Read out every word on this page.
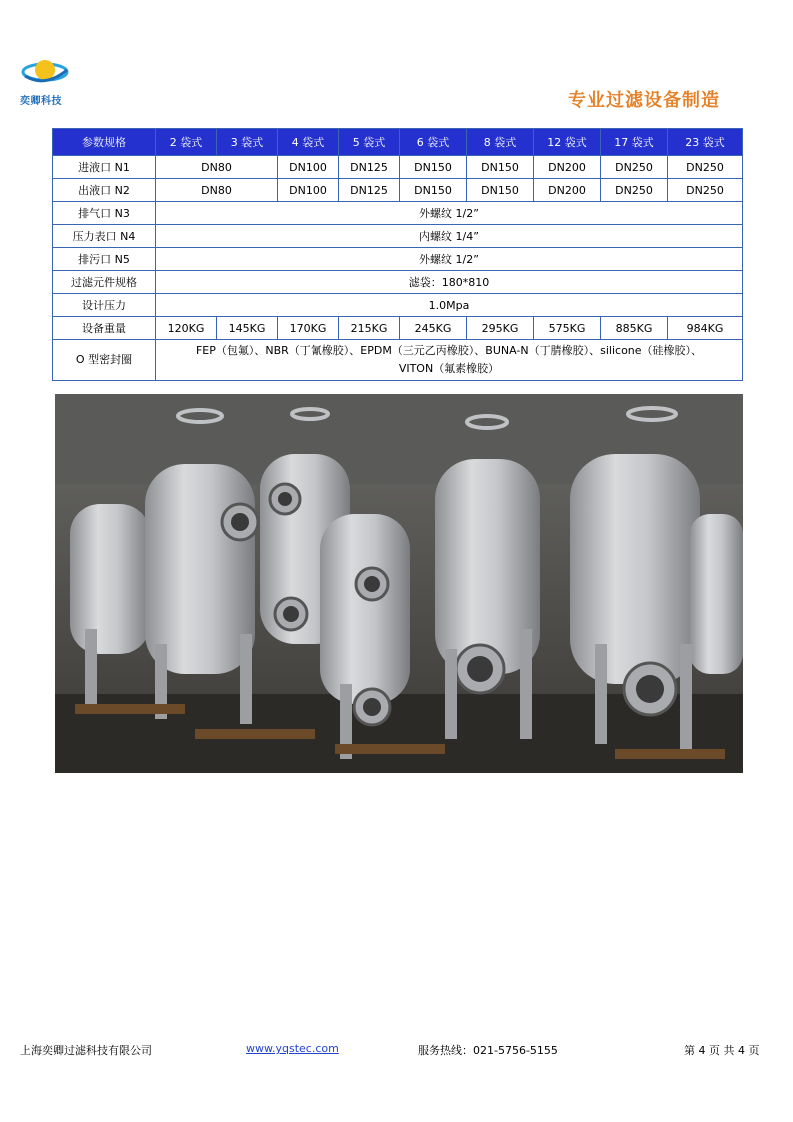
奕卿科技	专业过滤设备制造
参数规格	2 袋式	3 袋式	4 袋式	5 袋式	6 袋式	8 袋式	12 袋式	17 袋式	23 袋式
进液口 N1	DN80		DN100	DN125	DN150	DN150	DN200	DN250	DN250
出液口 N2	DN80		DN100	DN125	DN150	DN150	DN200	DN250	DN250
排气口 N3	外螺纹 1/2”								
压力表口 N4	内螺纹 1/4”								
排污口 N5	外螺纹 1/2”								
过滤元件规格	滤袋：180*810								
设计压力	1.0Mpa								
设备重量	120KG	145KG	170KG	215KG	245KG	295KG	575KG	885KG	984KG
O 型密封圈	FEP（包氟）、NBR（丁氰橡胶）、EPDM（三元乙丙橡胶）、BUNA-N（丁腈橡胶）、silicone（硅橡胶）、
VITON（氟素橡胶）								
上海奕卿过滤科技有限公司	www.yqstec.com	服务热线：021-5756-5155	第 4 页 共 4 页
